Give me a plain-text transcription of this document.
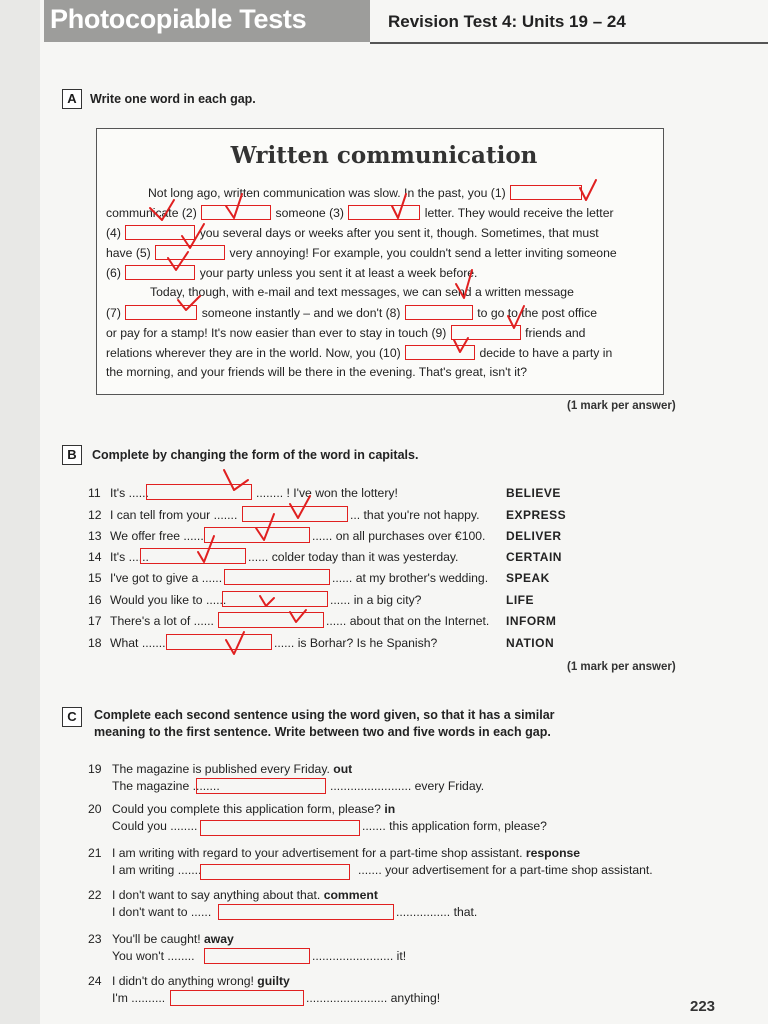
Photocopiable Tests	Revision Test 4: Units 19 – 24
A	Write one word in each gap.
Written communication
Not long ago, written communication was slow. In the past, you (1)
communicate (2)	someone (3)	letter. They would receive the letter
(4)	you several days or weeks after you sent it, though. Sometimes, that must
have (5)	very annoying! For example, you couldn't send a letter inviting someone
(6)	your party unless you sent it at least a week before.
Today, though, with e-mail and text messages, we can send a written message
(7)	someone instantly – and we don't (8)	to go to the post office
or pay for a stamp! It's now easier than ever to stay in touch (9)	friends and
relations wherever they are in the world. Now, you (10)	decide to have a party in
the morning, and your friends will be there in the evening. That's great, isn't it?
(1 mark per answer)
B	Complete by changing the form of the word in capitals.
11 It's ......	........ ! I've won the lottery!	BELIEVE
12 I can tell from your .......	... that you're not happy. EXPRESS
13 We offer free ......	...... on all purchases over €100. DELIVER
14 It's ......	...... colder today than it was yesterday.	CERTAIN
15 I've got to give a ......	...... at my brother's wedding. SPEAK
16 Would you like to ......	...... in a big city?	LIFE
17 There's a lot of ......	...... about that on the Internet. INFORM
18 What .......	...... is Borhar? Is he Spanish?	NATION
(1 mark per answer)
C	Complete each second sentence using the word given, so that it has a similar
meaning to the first sentence. Write between two and five words in each gap.
19 The magazine is published every Friday. out
The magazine ........	........................ every Friday.
20 Could you complete this application form, please? in
Could you ........	....... this application form, please?
21 I am writing with regard to your advertisement for a part-time shop assistant. response
I am writing .......	....... your advertisement for a part-time shop assistant.
22 I don't want to say anything about that. comment
I don't want to ......	................ that.
23 You'll be caught! away
You won't ........	........................ it!
24 I didn't do anything wrong! guilty
I'm ..........	........................ anything!	223
